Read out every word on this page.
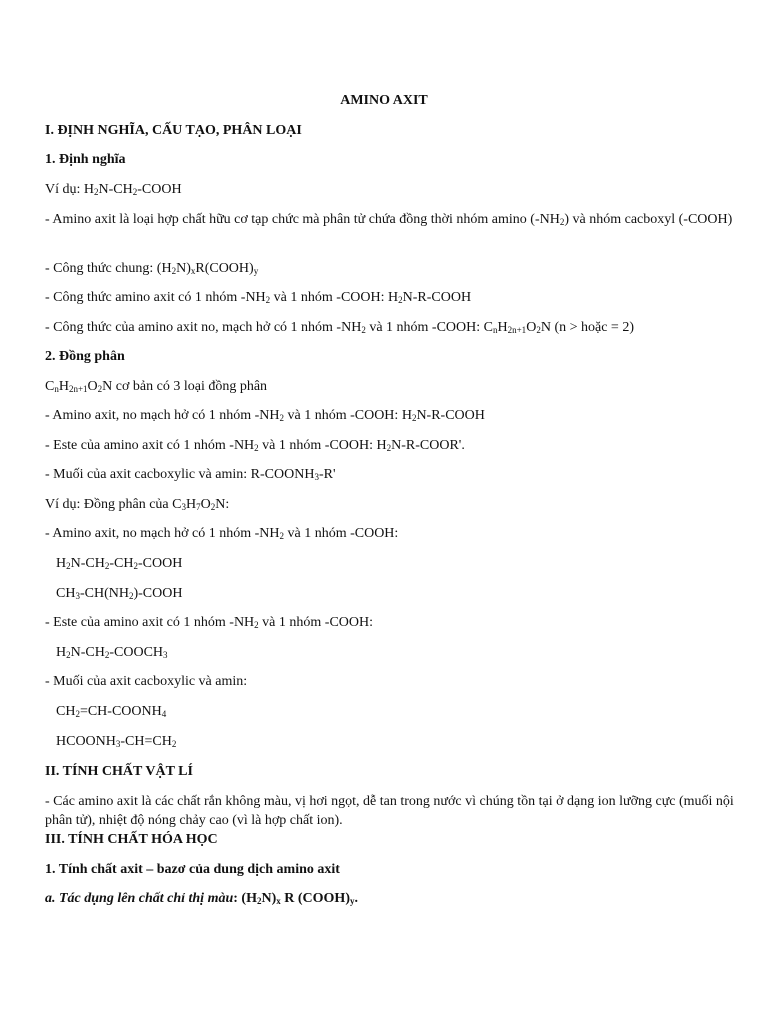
AMINO AXIT
I. ĐỊNH NGHĨA, CẤU TẠO, PHÂN LOẠI
1. Định nghĩa
Ví dụ: $H_2N-CH_2$-COOH
- Amino axit là loại hợp chất hữu cơ tạp chức mà phân tử chứa đồng thời nhóm amino $(-NH_2)$ và nhóm cacboxyl (-COOH)
- Công thức chung: $(H_2N)_xR(COOH)_y$
- Công thức amino axit có 1 nhóm $-NH_2$ và 1 nhóm -COOH: $H_2N-R$-COOH
- Công thức của amino axit no, mạch hở có 1 nhóm $-NH_2$ và 1 nhóm -COOH: $C_nH_{2n+1}O_2N$ (n > hoặc = 2)
2. Đồng phân
$C_nH_{2n+1}O_2N$ cơ bản có 3 loại đồng phân
- Amino axit, no mạch hở có 1 nhóm $-NH_2$ và 1 nhóm -COOH: $H_2N-R$-COOH
- Este của amino axit có 1 nhóm $-NH_2$ và 1 nhóm -COOH: $H_2N-R-COOR'$.
- Muối của axit cacboxylic và amin: $R-COONH_3-R'$
Ví dụ: Đồng phân của $C_3H_7O_2N$:
- Amino axit, no mạch hở có 1 nhóm $-NH_2$ và 1 nhóm -COOH:
$H_2N-CH_2-CH_2$-COOH
$CH_3-CH(NH_2)$-COOH
- Este của amino axit có 1 nhóm $-NH_2$ và 1 nhóm -COOH:
$H_2N-CH_2-COOCH_3$
- Muối của axit cacboxylic và amin:
$CH_2=CH-COONH_4$
$HCOONH_3-CH=CH_2$
II. TÍNH CHẤT VẬT LÍ
- Các amino axit là các chất rắn không màu, vị hơi ngọt, dễ tan trong nước vì chúng tồn tại ở dạng ion lưỡng cực (muối nội phân tử), nhiệt độ nóng chảy cao (vì là hợp chất ion).
III. TÍNH CHẤT HÓA HỌC
1. Tính chất axit – bazơ của dung dịch amino axit
a. Tác dụng lên chất chỉ thị màu: $(H_2N)_x$ R $(COOH)_y$.
